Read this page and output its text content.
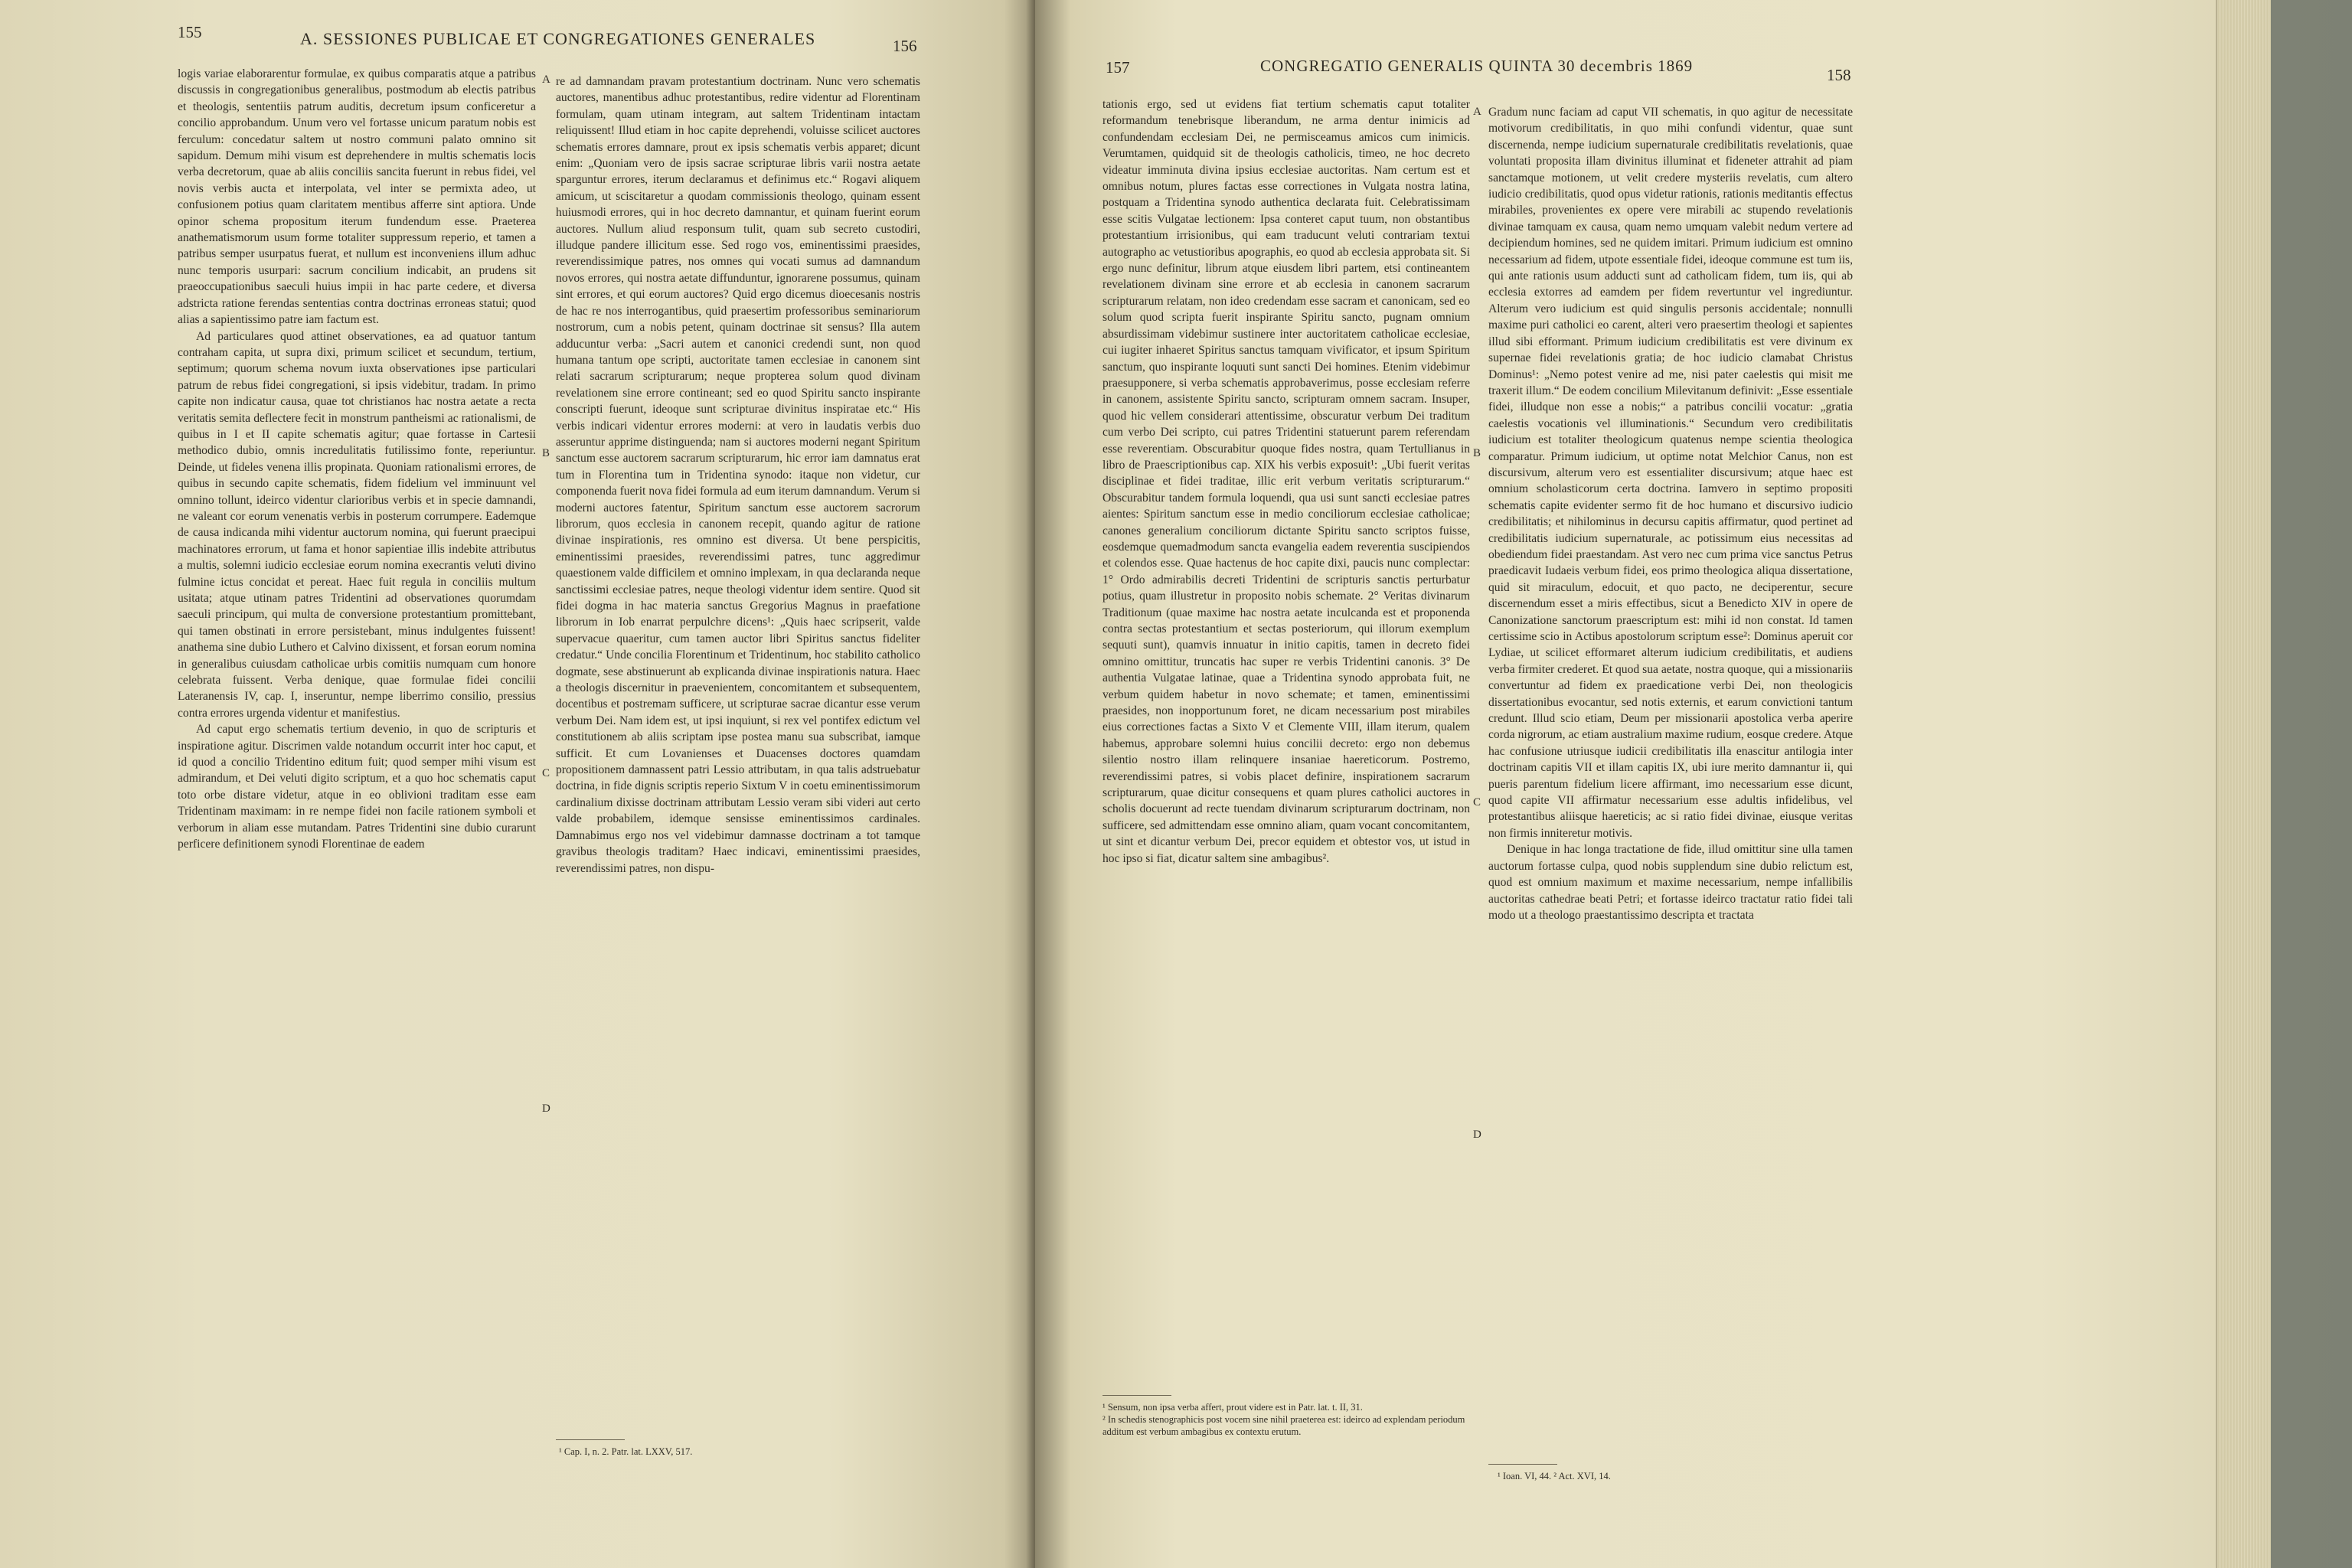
155	A. SESSIONES PUBLICAE ET CONGREGATIONES GENERALES	156

logis variae elaborarentur formulae, ex quibus comparatis atque a patribus discussis in congregationibus generalibus, postmodum ab electis patribus et theologis, sententiis patrum auditis, decretum ipsum conficeretur a concilio approbandum. Unum vero vel fortasse unicum paratum nobis est ferculum: concedatur saltem ut nostro communi palato omnino sit sapidum. Demum mihi visum est deprehendere in multis schematis locis verba decretorum, quae ab aliis conciliis sancita fuerunt in rebus fidei, vel novis verbis aucta et interpolata, vel inter se permixta adeo, ut confusionem potius quam claritatem mentibus afferre sint aptiora. Unde opinor schema propositum iterum fundendum esse. Praeterea anathematismorum usum forme totaliter suppressum reperio, et tamen a patribus semper usurpatus fuerat, et nullum est inconveniens illum adhuc nunc temporis usurpari: sacrum concilium indicabit, an prudens sit praeoccupationibus saeculi huius impii in hac parte cedere, et diversa adstricta ratione ferendas sententias contra doctrinas erroneas statui; quod alias a sapientissimo patre iam factum est.

Ad particulares quod attinet observationes, ea ad quatuor tantum contraham capita, ut supra dixi, primum scilicet et secundum, tertium, septimum; quorum schema novum iuxta observationes ipse particulari patrum de rebus fidei congregationi, si ipsis videbitur, tradam. In primo capite non indicatur causa, quae tot christianos hac nostra aetate a recta veritatis semita deflectere fecit in monstrum pantheismi ac rationalismi, de quibus in I et II capite schematis agitur; quae fortasse in Cartesii methodico dubio, omnis incredulitatis futilissimo fonte, reperiuntur. Deinde, ut fideles venena illis propinata. Quoniam rationalismi errores, de quibus in secundo capite schematis, fidem fidelium vel imminuunt vel omnino tollunt, ideirco videntur clarioribus verbis et in specie damnandi, ne valeant cor eorum venenatis verbis in posterum corrumpere. Eademque de causa indicanda mihi videntur auctorum nomina, qui fuerunt praecipui machinatores errorum, ut fama et honor sapientiae illis indebite attributus a multis, solemni iudicio ecclesiae eorum nomina execrantis veluti divino fulmine ictus concidat et pereat. Haec fuit regula in conciliis multum usitata; atque utinam patres Tridentini ad observationes quorumdam saeculi principum, qui multa de conversione protestantium promittebant, qui tamen obstinati in errore persistebant, minus indulgentes fuissent! anathema sine dubio Luthero et Calvino dixissent, et forsan eorum nomina in generalibus cuiusdam catholicae urbis comitiis numquam cum honore celebrata fuissent. Verba denique, quae formulae fidei concilii Lateranensis IV, cap. I, inseruntur, nempe liberrimo consilio, pressius contra errores urgenda videntur et manifestius.

Ad caput ergo schematis tertium devenio, in quo de scripturis et inspiratione agitur. Discrimen valde notandum occurrit inter hoc caput, et id quod a concilio Tridentino editum fuit; quod semper mihi visum est admirandum, et Dei veluti digito scriptum, et a quo hoc schematis caput toto orbe distare videtur, atque in eo oblivioni traditam esse eam Tridentinam maximam: in re nempe fidei non facile rationem symboli et verborum in aliam esse mutandam. Patres Tridentini sine dubio curarunt perficere definitionem synodi Florentinae de eadem

A
B
C
D

re ad damnandam pravam protestantium doctrinam. Nunc vero schematis auctores, manentibus adhuc protestantibus, redire videntur ad Florentinam formulam, quam utinam integram, aut saltem Tridentinam intactam reliquissent! Illud etiam in hoc capite deprehendi, voluisse scilicet auctores schematis errores damnare, prout ex ipsis schematis verbis apparet; dicunt enim: „Quoniam vero de ipsis sacrae scripturae libris varii nostra aetate sparguntur errores, iterum declaramus et definimus etc.“ Rogavi aliquem amicum, ut sciscitaretur a quodam commissionis theologo, quinam essent huiusmodi errores, qui in hoc decreto damnantur, et quinam fuerint eorum auctores. Nullum aliud responsum tulit, quam sub secreto custodiri, illudque pandere illicitum esse. Sed rogo vos, eminentissimi praesides, reverendissimique patres, nos omnes qui vocati sumus ad damnandum novos errores, qui nostra aetate diffunduntur, ignorarene possumus, quinam sint errores, et qui eorum auctores? Quid ergo dicemus dioecesanis nostris de hac re nos interrogantibus, quid praesertim professoribus seminariorum nostrorum, cum a nobis petent, quinam doctrinae sit sensus? Illa autem adducuntur verba: „Sacri autem et canonici credendi sunt, non quod humana tantum ope scripti, auctoritate tamen ecclesiae in canonem sint relati sacrarum scripturarum; neque propterea solum quod divinam revelationem sine errore contineant; sed eo quod Spiritu sancto inspirante conscripti fuerunt, ideoque sunt scripturae divinitus inspiratae etc.“ His verbis indicari videntur errores moderni: at vero in laudatis verbis duo asseruntur apprime distinguenda; nam si auctores moderni negant Spiritum sanctum esse auctorem sacrarum scripturarum, hic error iam damnatus erat tum in Florentina tum in Tridentina synodo: itaque non videtur, cur componenda fuerit nova fidei formula ad eum iterum damnandum. Verum si moderni auctores fatentur, Spiritum sanctum esse auctorem sacrorum librorum, quos ecclesia in canonem recepit, quando agitur de ratione divinae inspirationis, res omnino est diversa. Ut bene perspicitis, eminentissimi praesides, reverendissimi patres, tunc aggredimur quaestionem valde difficilem et omnino implexam, in qua declaranda neque sanctissimi ecclesiae patres, neque theologi videntur idem sentire. Quod sit fidei dogma in hac materia sanctus Gregorius Magnus in praefatione librorum in Iob enarrat perpulchre dicens¹: „Quis haec scripserit, valde supervacue quaeritur, cum tamen auctor libri Spiritus sanctus fideliter credatur.“ Unde concilia Florentinum et Tridentinum, hoc stabilito catholico dogmate, sese abstinuerunt ab explicanda divinae inspirationis natura. Haec a theologis discernitur in praevenientem, concomitantem et subsequentem, docentibus et postremam sufficere, ut scripturae sacrae dicantur esse verum verbum Dei. Nam idem est, ut ipsi inquiunt, si rex vel pontifex edictum vel constitutionem ab aliis scriptam ipse postea manu sua subscribat, iamque sufficit. Et cum Lovanienses et Duacenses doctores quamdam propositionem damnassent patri Lessio attributam, in qua talis adstruebatur doctrina, in fide dignis scriptis reperio Sixtum V in coetu eminentissimorum cardinalium dixisse doctrinam attributam Lessio veram sibi videri aut certo valde probabilem, idemque sensisse eminentissimos cardinales. Damnabimus ergo nos vel videbimur damnasse doctrinam a tot tamque gravibus theologis traditam? Haec indicavi, eminentissimi praesides, reverendissimi patres, non dispu-

¹ Cap. I, n. 2. Patr. lat. LXXV, 517.

157	CONGREGATIO GENERALIS QUINTA 30 decembris 1869	158

tationis ergo, sed ut evidens fiat tertium schematis caput totaliter reformandum tenebrisque liberandum, ne arma dentur inimicis ad confundendam ecclesiam Dei, ne permisceamus amicos cum inimicis. Verumtamen, quidquid sit de theologis catholicis, timeo, ne hoc decreto videatur imminuta divina ipsius ecclesiae auctoritas. Nam certum est et omnibus notum, plures factas esse correctiones in Vulgata nostra latina, postquam a Tridentina synodo authentica declarata fuit. Celebratissimam esse scitis Vulgatae lectionem: Ipsa conteret caput tuum, non obstantibus protestantium irrisionibus, qui eam traducunt veluti contrariam textui autographo ac vetustioribus apographis, eo quod ab ecclesia approbata sit. Si ergo nunc definitur, librum atque eiusdem libri partem, etsi contineantem revelationem divinam sine errore et ab ecclesia in canonem sacrarum scripturarum relatam, non ideo credendam esse sacram et canonicam, sed eo solum quod scripta fuerit inspirante Spiritu sancto, pugnam omnium absurdissimam videbimur sustinere inter auctoritatem catholicae ecclesiae, cui iugiter inhaeret Spiritus sanctus tamquam vivificator, et ipsum Spiritum sanctum, quo inspirante loquuti sunt sancti Dei homines. Etenim videbimur praesupponere, si verba schematis approbaverimus, posse ecclesiam referre in canonem, assistente Spiritu sancto, scripturam omnem sacram. Insuper, quod hic vellem considerari attentissime, obscuratur verbum Dei traditum cum verbo Dei scripto, cui patres Tridentini statuerunt parem referendam esse reverentiam. Obscurabitur quoque fides nostra, quam Tertullianus in libro de Praescriptionibus cap. XIX his verbis exposuit¹: „Ubi fuerit veritas disciplinae et fidei traditae, illic erit verbum veritatis scripturarum.“ Obscurabitur tandem formula loquendi, qua usi sunt sancti ecclesiae patres aientes: Spiritum sanctum esse in medio conciliorum ecclesiae catholicae; canones generalium conciliorum dictante Spiritu sancto scriptos fuisse, eosdemque quemadmodum sancta evangelia eadem reverentia suscipiendos et colendos esse. Quae hactenus de hoc capite dixi, paucis nunc complectar: 1° Ordo admirabilis decreti Tridentini de scripturis sanctis perturbatur potius, quam illustretur in proposito nobis schemate. 2° Veritas divinarum Traditionum (quae maxime hac nostra aetate inculcanda est et proponenda contra sectas protestantium et sectas posteriorum, qui illorum exemplum sequuti sunt), quamvis innuatur in initio capitis, tamen in decreto fidei omnino omittitur, truncatis hac super re verbis Tridentini canonis. 3° De authentia Vulgatae latinae, quae a Tridentina synodo approbata fuit, ne verbum quidem habetur in novo schemate; et tamen, eminentissimi praesides, non inopportunum foret, ne dicam necessarium post mirabiles eius correctiones factas a Sixto V et Clemente VIII, illam iterum, qualem habemus, approbare solemni huius concilii decreto: ergo non debemus silentio nostro illam relinquere insaniae haereticorum. Postremo, reverendissimi patres, si vobis placet definire, inspirationem sacrarum scripturarum, quae dicitur consequens et quam plures catholici auctores in scholis docuerunt ad recte tuendam divinarum scripturarum doctrinam, non sufficere, sed admittendam esse omnino aliam, quam vocant concomitantem, ut sint et dicantur verbum Dei, precor equidem et obtestor vos, ut istud in hoc ipso si fiat, dicatur saltem sine ambagibus².

A
B
C
D

Gradum nunc faciam ad caput VII schematis, in quo agitur de necessitate motivorum credibilitatis, in quo mihi confundi videntur, quae sunt discernenda, nempe iudicium supernaturale credibilitatis revelationis, quae voluntati proposita illam divinitus illuminat et fideneter attrahit ad piam sanctamque motionem, ut velit credere mysteriis revelatis, cum altero iudicio credibilitatis, quod opus videtur rationis, rationis meditantis effectus mirabiles, provenientes ex opere vere mirabili ac stupendo revelationis divinae tamquam ex causa, quam nemo umquam valebit nedum vertere ad decipiendum homines, sed ne quidem imitari. Primum iudicium est omnino necessarium ad fidem, utpote essentiale fidei, ideoque commune est tum iis, qui ante rationis usum adducti sunt ad catholicam fidem, tum iis, qui ab ecclesia extorres ad eamdem per fidem revertuntur vel ingrediuntur. Alterum vero iudicium est quid singulis personis accidentale; nonnulli maxime puri catholici eo carent, alteri vero praesertim theologi et sapientes illud sibi efformant. Primum iudicium credibilitatis est vere divinum ex supernae fidei revelationis gratia; de hoc iudicio clamabat Christus Dominus¹: „Nemo potest venire ad me, nisi pater caelestis qui misit me traxerit illum.“ De eodem concilium Milevitanum definivit: „Esse essentiale fidei, illudque non esse a nobis;“ a patribus concilii vocatur: „gratia caelestis vocationis vel illuminationis.“ Secundum vero credibilitatis iudicium est totaliter theologicum quatenus nempe scientia theologica comparatur. Primum iudicium, ut optime notat Melchior Canus, non est discursivum, alterum vero est essentialiter discursivum; atque haec est omnium scholasticorum certa doctrina. Iamvero in septimo propositi schematis capite evidenter sermo fit de hoc humano et discursivo iudicio credibilitatis; et nihilominus in decursu capitis affirmatur, quod pertinet ad credibilitatis iudicium supernaturale, ac potissimum eius necessitas ad obediendum fidei praestandam. Ast vero nec cum prima vice sanctus Petrus praedicavit Iudaeis verbum fidei, eos primo theologica aliqua dissertatione, quid sit miraculum, edocuit, et quo pacto, ne deciperentur, secure discernendum esset a miris effectibus, sicut a Benedicto XIV in opere de Canonizatione sanctorum praescriptum est: mihi id non constat. Id tamen certissime scio in Actibus apostolorum scriptum esse²: Dominus aperuit cor Lydiae, ut scilicet efformaret alterum iudicium credibilitatis, et audiens verba firmiter crederet. Et quod sua aetate, nostra quoque, qui a missionariis convertuntur ad fidem ex praedicatione verbi Dei, non theologicis dissertationibus evocantur, sed notis externis, et earum convictioni tantum credunt. Illud scio etiam, Deum per missionarii apostolica verba aperire corda nigrorum, ac etiam australium maxime rudium, eosque credere. Atque hac confusione utriusque iudicii credibilitatis illa enascitur antilogia inter doctrinam capitis VII et illam capitis IX, ubi iure merito damnantur ii, qui pueris parentum fidelium licere affirmant, imo necessarium esse dicunt, quod capite VII affirmatur necessarium esse adultis infidelibus, vel protestantibus aliisque haereticis; ac si ratio fidei divinae, eiusque veritas non firmis inniteretur motivis.

Denique in hac longa tractatione de fide, illud omittitur sine ulla tamen auctorum fortasse culpa, quod nobis supplendum sine dubio relictum est, quod est omnium maximum et maxime necessarium, nempe infallibilis auctoritas cathedrae beati Petri; et fortasse ideirco tractatur ratio fidei tali modo ut a theologo praestantissimo descripta et tractata

¹ Sensum, non ipsa verba affert, prout videre est in Patr. lat. t. II, 31.

² In schedis stenographicis post vocem sine nihil praeterea est: ideirco ad explendam periodum additum est verbum ambagibus ex contextu erutum.

¹ Ioan. VI, 44. ² Act. XVI, 14.
